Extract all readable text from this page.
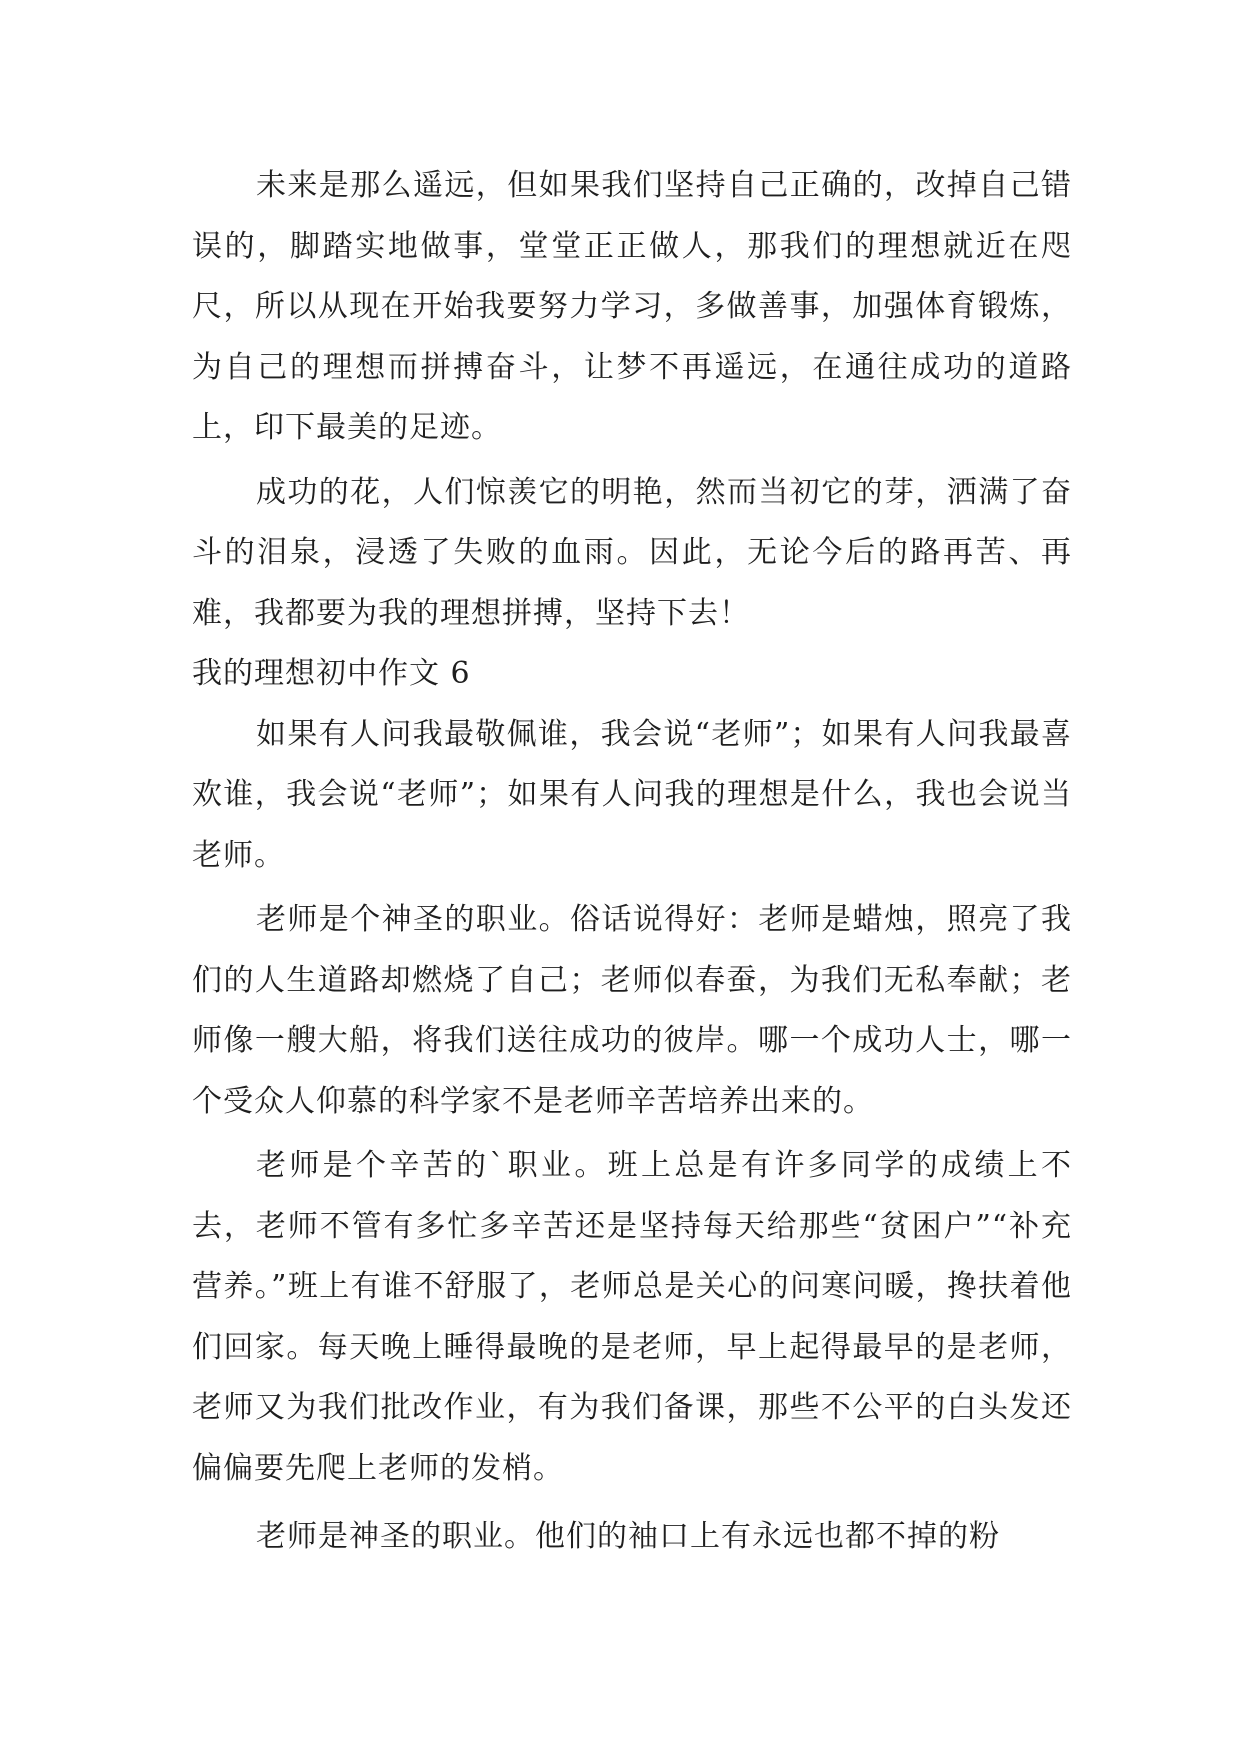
未来是那么遥远，但如果我们坚持自己正确的，改掉自己错误的，脚踏实地做事，堂堂正正做人，那我们的理想就近在咫尺，所以从现在开始我要努力学习，多做善事，加强体育锻炼，为自己的理想而拼搏奋斗，让梦不再遥远，在通往成功的道路上，印下最美的足迹。

成功的花，人们惊羡它的明艳，然而当初它的芽，洒满了奋斗的泪泉，浸透了失败的血雨。因此，无论今后的路再苦、再难，我都要为我的理想拼搏，坚持下去！

我的理想初中作文 6

如果有人问我最敬佩谁，我会说“老师”；如果有人问我最喜欢谁，我会说“老师”；如果有人问我的理想是什么，我也会说当老师。

老师是个神圣的职业。俗话说得好：老师是蜡烛，照亮了我们的人生道路却燃烧了自己；老师似春蚕，为我们无私奉献；老师像一艘大船，将我们送往成功的彼岸。哪一个成功人士，哪一个受众人仰慕的科学家不是老师辛苦培养出来的。

老师是个辛苦的`职业。班上总是有许多同学的成绩上不去，老师不管有多忙多辛苦还是坚持每天给那些“贫困户”“补充营养。”班上有谁不舒服了，老师总是关心的问寒问暖，搀扶着他们回家。每天晚上睡得最晚的是老师，早上起得最早的是老师，老师又为我们批改作业，有为我们备课，那些不公平的白头发还偏偏要先爬上老师的发梢。

老师是神圣的职业。他们的袖口上有永远也都不掉的粉
